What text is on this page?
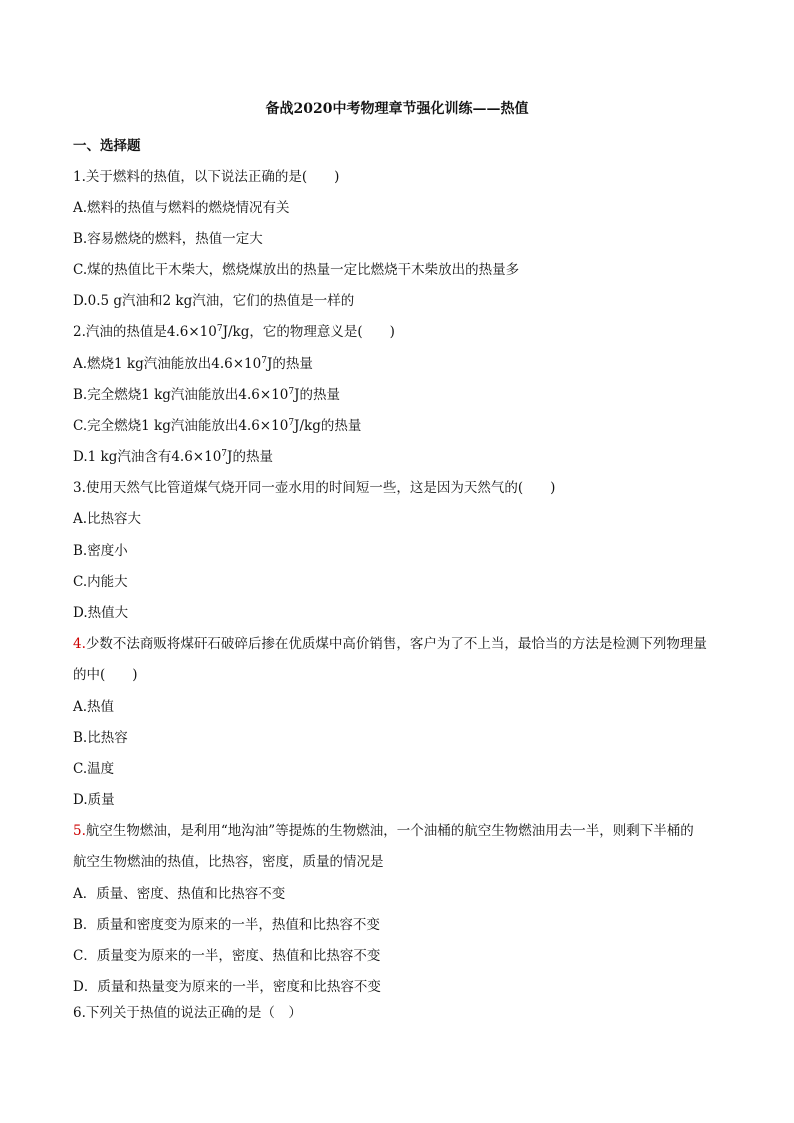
备战2020中考物理章节强化训练——热值
一、选择题
1.关于燃料的热值，以下说法正确的是(　　)
A.燃料的热值与燃料的燃烧情况有关
B.容易燃烧的燃料，热值一定大
C.煤的热值比干木柴大，燃烧煤放出的热量一定比燃烧干木柴放出的热量多
D.0.5 g汽油和2 kg汽油，它们的热值是一样的
2.汽油的热值是$4.6\times 10^7J/kg$，它的物理意义是(　　)
A.燃烧1 kg汽油能放出$4.6\times 10^7J$的热量
B.完全燃烧1 kg汽油能放出$4.6\times 10^7J$的热量
C.完全燃烧1 kg汽油能放出$4.6\times 10^7J/kg$的热量
D.1 kg汽油含有$4.6\times 10^7J$的热量
3.使用天然气比管道煤气烧开同一壶水用的时间短一些，这是因为天然气的(　　)
A.比热容大
B.密度小
C.内能大
D.热值大
4.少数不法商贩将煤矸石破碎后掺在优质煤中高价销售，客户为了不上当，最恰当的方法是检测下列物理量
的中(　　)
A.热值
B.比热容
C.温度
D.质量
5.航空生物燃油，是利用“地沟油”等提炼的生物燃油，一个油桶的航空生物燃油用去一半，则剩下半桶的
航空生物燃油的热值，比热容，密度，质量的情况是
A．质量、密度、热值和比热容不变
B．质量和密度变为原来的一半，热值和比热容不变
C．质量变为原来的一半，密度、热值和比热容不变
D．质量和热量变为原来的一半，密度和比热容不变
6.下列关于热值的说法正确的是（　）
